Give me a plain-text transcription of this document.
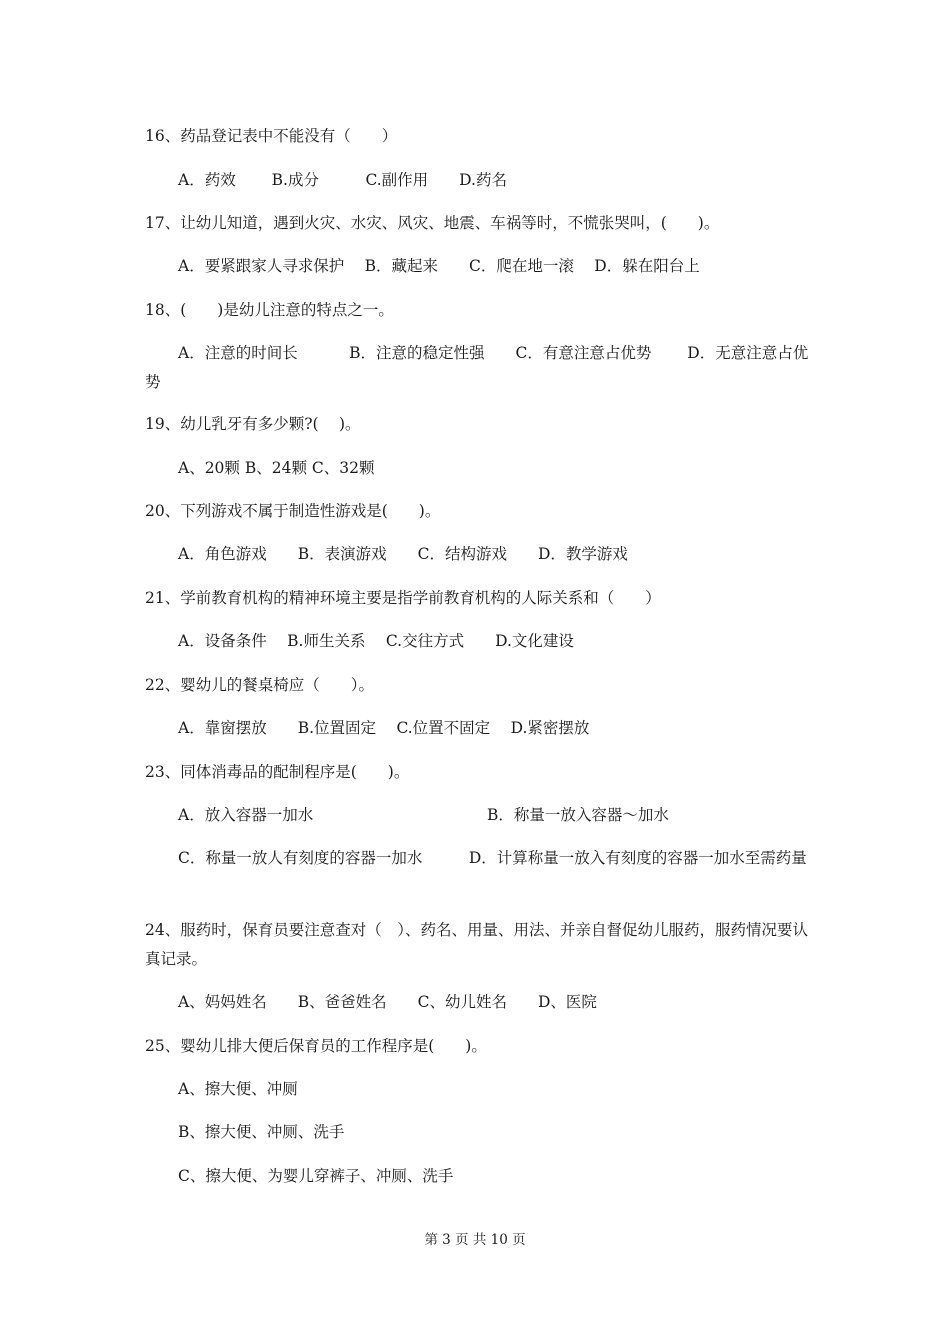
16、药品登记表中不能没有（　　）
A．药效　　 B.成分　　　C.副作用　　D.药名
17、让幼儿知道，遇到火灾、水灾、风灾、地震、车祸等时，不慌张哭叫，(　　)。
A．要紧跟家人寻求保护　 B．藏起来　　C．爬在地一滚　 D．躲在阳台上
18、(　　)是幼儿注意的特点之一。
A．注意的时间长　　　 B．注意的稳定性强　　C．有意注意占优势　　 D．无意注意占优势
19、幼儿乳牙有多少颗?(　 )。
A、20颗 B、24颗 C、32颗
20、下列游戏不属于制造性游戏是(　　)。
A．角色游戏　　B．表演游戏　　C．结构游戏　　D．教学游戏
21、学前教育机构的精神环境主要是指学前教育机构的人际关系和（　　）
A．设备条件　 B.师生关系　 C.交往方式　　D.文化建设
22、婴幼儿的餐桌椅应（　　）。
A．靠窗摆放　　B.位置固定　 C.位置不固定　 D.紧密摆放
23、同体消毒品的配制程序是(　　)。
A．放入容器一加水	B．称量一放入容器～加水
C．称量一放人有刻度的容器一加水　　　D．计算称量一放入有刻度的容器一加水至需药量
24、服药时，保育员要注意查对（　）、药名、用量、用法、并亲自督促幼儿服药，服药情况要认真记录。
A、妈妈姓名　　B、爸爸姓名　　C、幼儿姓名　　D、医院
25、婴幼儿排大便后保育员的工作程序是(　　)。
A、擦大便、冲厕
B、擦大便、冲厕、洗手
C、擦大便、为婴儿穿裤子、冲厕、洗手
第 3 页 共 10 页
